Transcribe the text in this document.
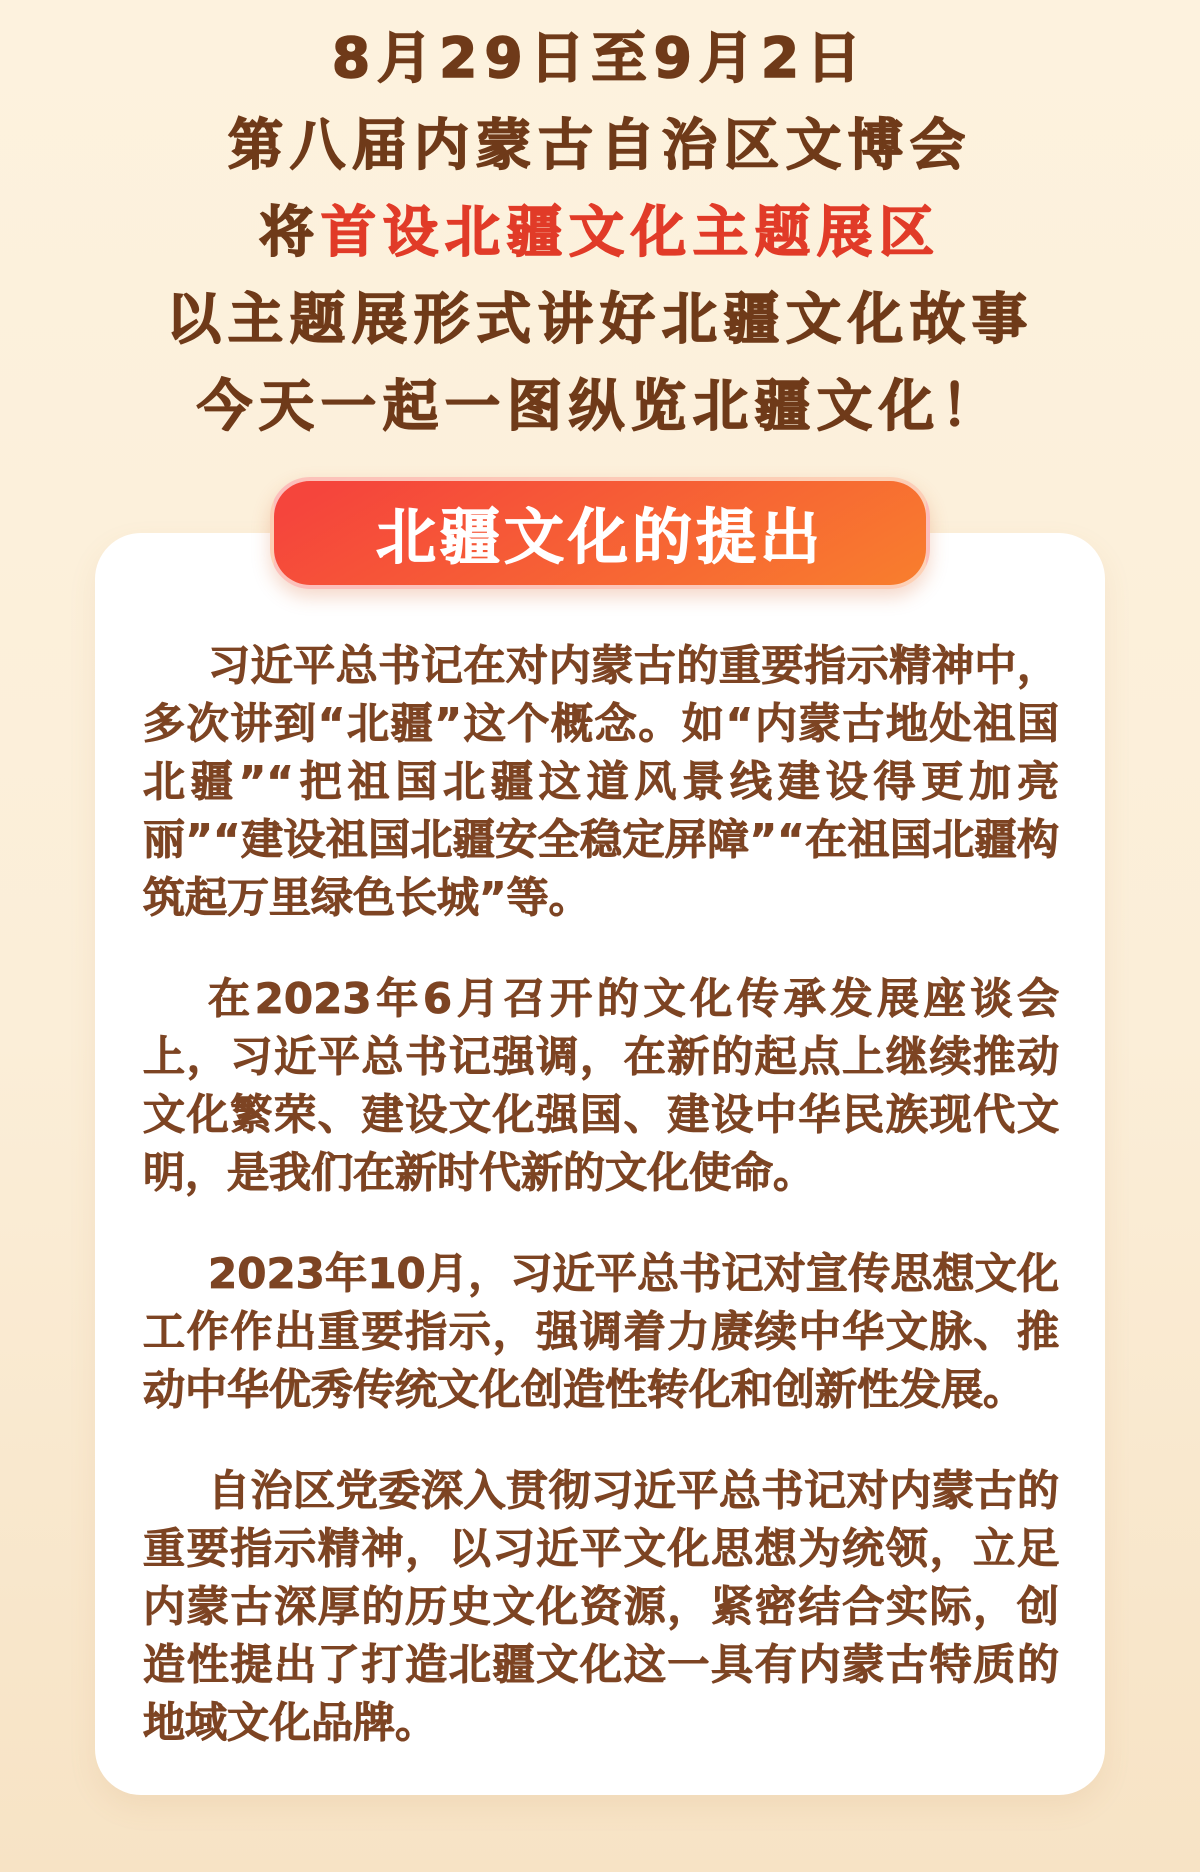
8月29日至9月2日

第八届内蒙古自治区文博会

将首设北疆文化主题展区

以主题展形式讲好北疆文化故事

今天一起一图纵览北疆文化！

北疆文化的提出

习近平总书记在对内蒙古的重要指示精神中，多次讲到“北疆”这个概念。如“内蒙古地处祖国北疆”“把祖国北疆这道风景线建设得更加亮丽”“建设祖国北疆安全稳定屏障”“在祖国北疆构筑起万里绿色长城”等。

在2023年6月召开的文化传承发展座谈会上，习近平总书记强调，在新的起点上继续推动文化繁荣、建设文化强国、建设中华民族现代文明，是我们在新时代新的文化使命。

2023年10月，习近平总书记对宣传思想文化工作作出重要指示，强调着力赓续中华文脉、推动中华优秀传统文化创造性转化和创新性发展。

自治区党委深入贯彻习近平总书记对内蒙古的重要指示精神，以习近平文化思想为统领，立足内蒙古深厚的历史文化资源，紧密结合实际，创造性提出了打造北疆文化这一具有内蒙古特质的地域文化品牌。
